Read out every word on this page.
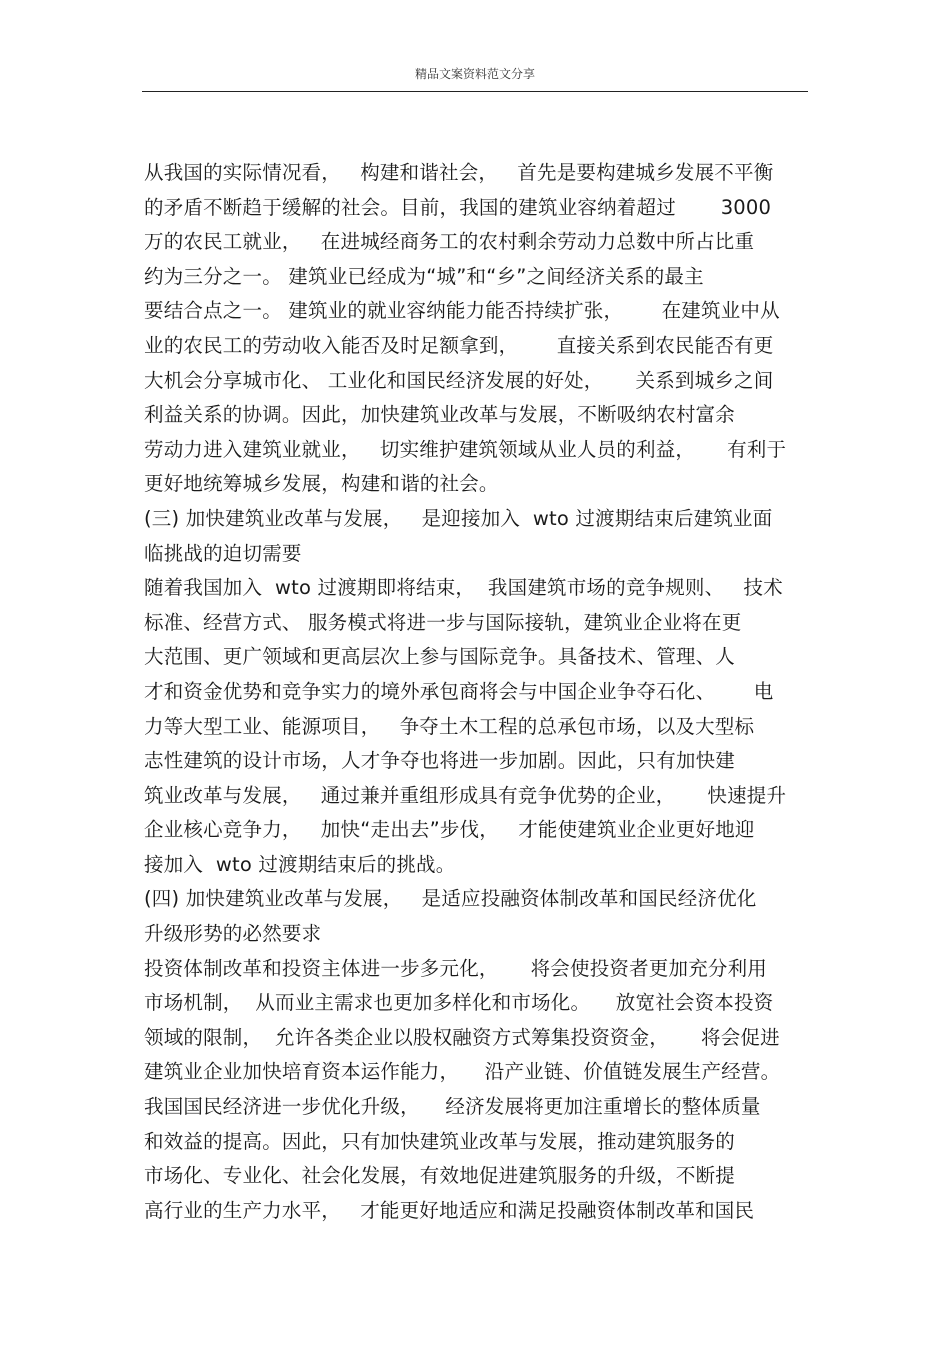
精品文案资料范文分享
从我国的实际情况看，   构建和谐社会，   首先是要构建城乡发展不平衡
的矛盾不断趋于缓解的社会。目前，我国的建筑业容纳着超过       3000
万的农民工就业，   在进城经商务工的农村剩余劳动力总数中所占比重
约为三分之一。 建筑业已经成为“城”和“乡”之间经济关系的最主
要结合点之一。 建筑业的就业容纳能力能否持续扩张，      在建筑业中从
业的农民工的劳动收入能否及时足额拿到，      直接关系到农民能否有更
大机会分享城市化、 工业化和国民经济发展的好处，     关系到城乡之间
利益关系的协调。因此，加快建筑业改革与发展，不断吸纳农村富余
劳动力进入建筑业就业，   切实维护建筑领域从业人员的利益，     有利于
更好地统筹城乡发展，构建和谐的社会。
(三) 加快建筑业改革与发展，   是迎接加入  wto 过渡期结束后建筑业面
临挑战的迫切需要
随着我国加入  wto 过渡期即将结束，  我国建筑市场的竞争规则、   技术
标准、经营方式、 服务模式将进一步与国际接轨，建筑业企业将在更
大范围、更广领域和更高层次上参与国际竞争。具备技术、管理、人
才和资金优势和竞争实力的境外承包商将会与中国企业争夺石化、      电
力等大型工业、能源项目，   争夺土木工程的总承包市场，以及大型标
志性建筑的设计市场，人才争夺也将进一步加剧。因此，只有加快建
筑业改革与发展，   通过兼并重组形成具有竞争优势的企业，     快速提升
企业核心竞争力，   加快“走出去”步伐，   才能使建筑业企业更好地迎
接加入  wto 过渡期结束后的挑战。
(四) 加快建筑业改革与发展，   是适应投融资体制改革和国民经济优化
升级形势的必然要求
投资体制改革和投资主体进一步多元化，     将会使投资者更加充分利用
市场机制，  从而业主需求也更加多样化和市场化。    放宽社会资本投资
领域的限制，  允许各类企业以股权融资方式筹集投资资金，     将会促进
建筑业企业加快培育资本运作能力，    沿产业链、价值链发展生产经营。
我国国民经济进一步优化升级，    经济发展将更加注重增长的整体质量
和效益的提高。因此，只有加快建筑业改革与发展，推动建筑服务的
市场化、专业化、社会化发展，有效地促进建筑服务的升级，不断提
高行业的生产力水平，   才能更好地适应和满足投融资体制改革和国民
